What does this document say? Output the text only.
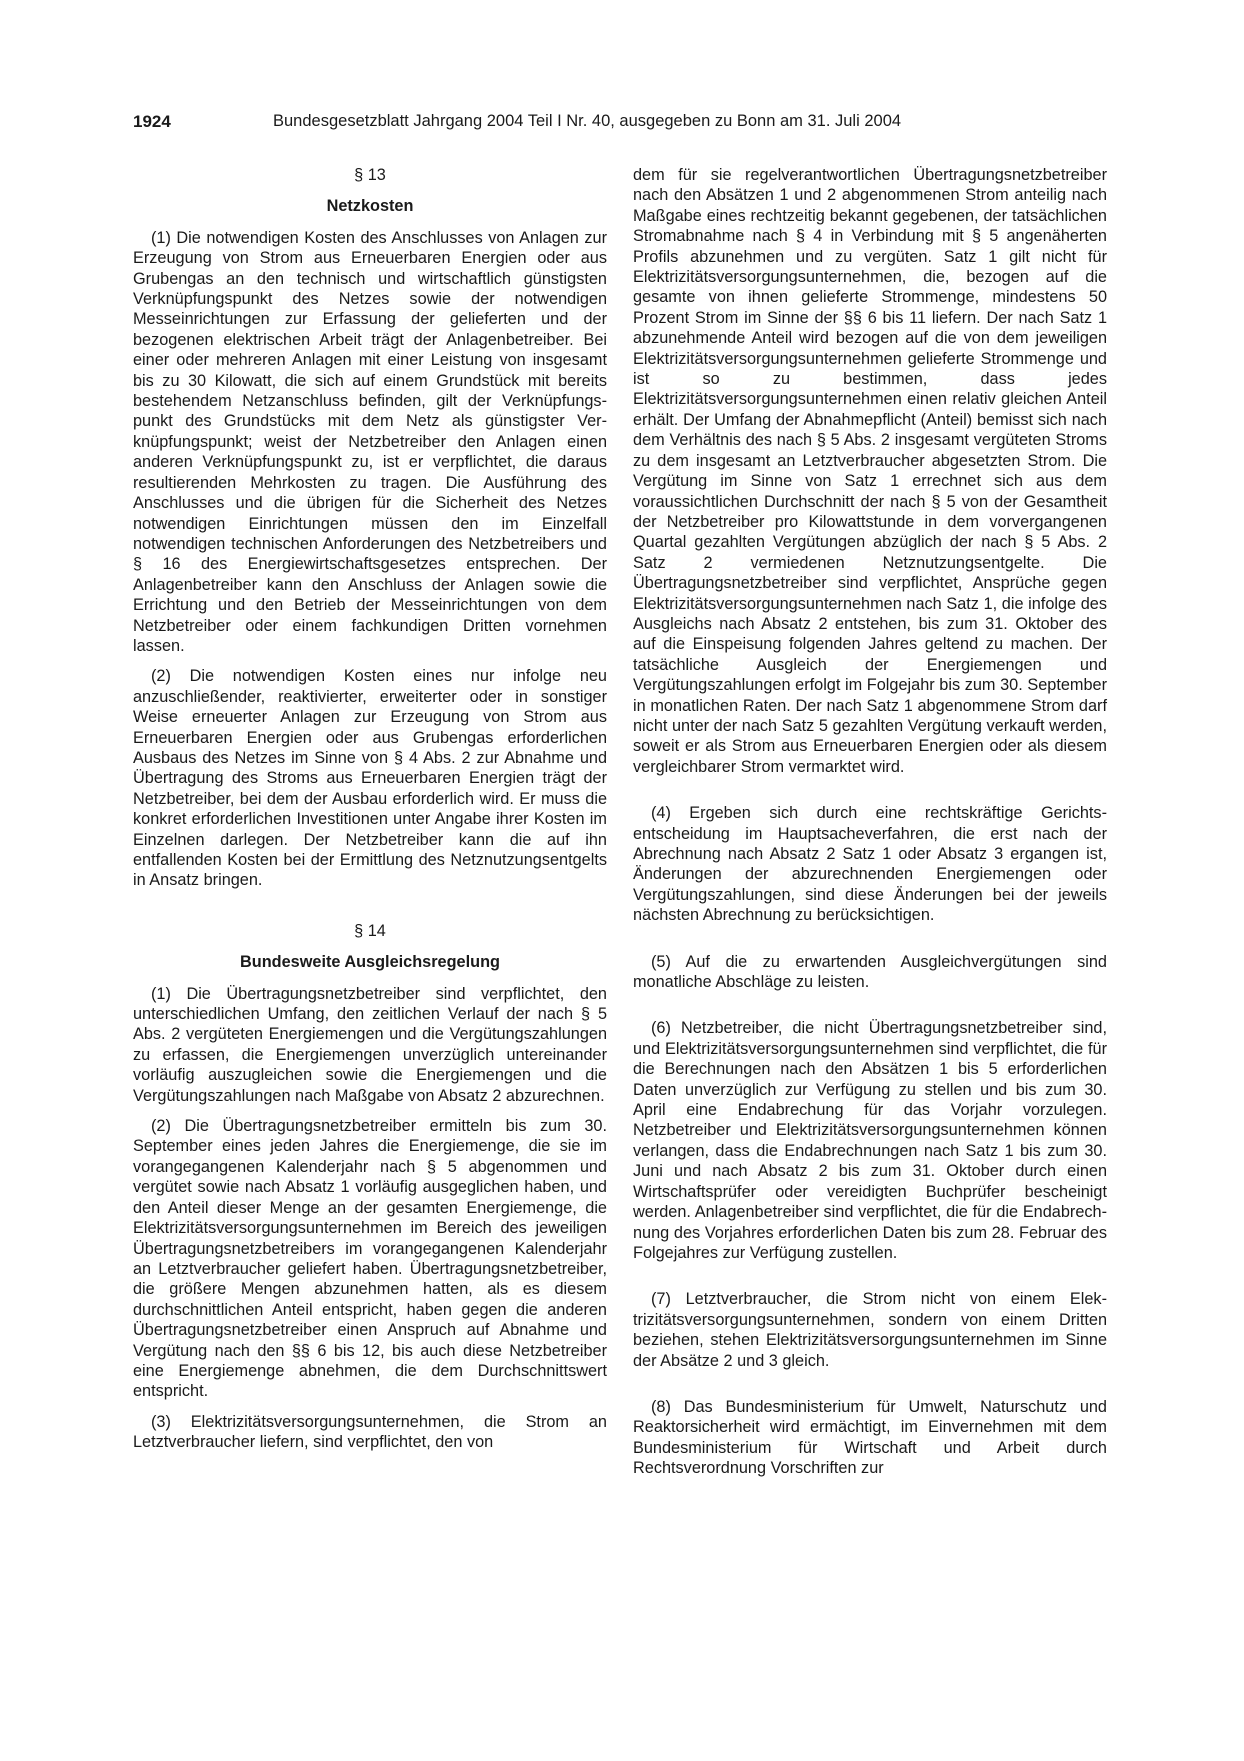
1924	Bundesgesetzblatt Jahrgang 2004 Teil I Nr. 40, ausgegeben zu Bonn am 31. Juli 2004
§ 13
Netzkosten

(1) Die notwendigen Kosten des Anschlusses von Anlagen zur Erzeugung von Strom aus Erneuerbaren Energien oder aus Grubengas an den technisch und wirtschaftlich günstigsten Verknüpfungspunkt des Netzes sowie der notwendigen Messeinrichtungen zur Erfassung der gelieferten und der bezogenen elektrischen Arbeit trägt der Anlagenbetreiber. Bei einer oder mehreren Anlagen mit einer Leistung von insgesamt bis zu 30 Kilowatt, die sich auf einem Grundstück mit bereits bestehendem Netzanschluss befinden, gilt der Verknüpfungspunkt des Grundstücks mit dem Netz als günstigster Verknüpfungspunkt; weist der Netzbetreiber den Anlagen einen anderen Verknüpfungspunkt zu, ist er verpflichtet, die daraus resultierenden Mehrkosten zu tragen. Die Ausführung des Anschlusses und die übrigen für die Sicherheit des Netzes notwendigen Einrichtungen müssen den im Einzelfall notwendigen technischen Anforderungen des Netzbetreibers und § 16 des Energiewirtschaftsgesetzes entsprechen. Der Anlagenbetreiber kann den Anschluss der Anlagen sowie die Errichtung und den Betrieb der Messeinrichtungen von dem Netzbetreiber oder einem fachkundigen Dritten vornehmen lassen.

(2) Die notwendigen Kosten eines nur infolge neu anzuschließender, reaktivierter, erweiterter oder in sonstiger Weise erneuerter Anlagen zur Erzeugung von Strom aus Erneuerbaren Energien oder aus Grubengas erforderlichen Ausbaus des Netzes im Sinne von § 4 Abs. 2 zur Abnahme und Übertragung des Stroms aus Erneuerbaren Energien trägt der Netzbetreiber, bei dem der Ausbau erforderlich wird. Er muss die konkret erforderlichen Investitionen unter Angabe ihrer Kosten im Einzelnen darlegen. Der Netzbetreiber kann die auf ihn entfallenden Kosten bei der Ermittlung des Netznutzungsentgelts in Ansatz bringen.

§ 14
Bundesweite Ausgleichsregelung

(1) Die Übertragungsnetzbetreiber sind verpflichtet, den unterschiedlichen Umfang, den zeitlichen Verlauf der nach § 5 Abs. 2 vergüteten Energiemengen und die Vergütungszahlungen zu erfassen, die Energiemengen unverzüglich untereinander vorläufig auszugleichen sowie die Energiemengen und die Vergütungszahlungen nach Maßgabe von Absatz 2 abzurechnen.

(2) Die Übertragungsnetzbetreiber ermitteln bis zum 30. September eines jeden Jahres die Energiemenge, die sie im vorangegangenen Kalenderjahr nach § 5 abgenommen und vergütet sowie nach Absatz 1 vorläufig ausgeglichen haben, und den Anteil dieser Menge an der gesamten Energiemenge, die Elektrizitätsversorgungsunternehmen im Bereich des jeweiligen Übertragungsnetzbetreibers im vorangegangenen Kalenderjahr an Letztverbraucher geliefert haben. Übertragungsnetzbetreiber, die größere Mengen abzunehmen hatten, als es diesem durchschnittlichen Anteil entspricht, haben gegen die anderen Übertragungsnetzbetreiber einen Anspruch auf Abnahme und Vergütung nach den §§ 6 bis 12, bis auch diese Netzbetreiber eine Energiemenge abnehmen, die dem Durchschnittswert entspricht.

(3) Elektrizitätsversorgungsunternehmen, die Strom an Letztverbraucher liefern, sind verpflichtet, den von

dem für sie regelverantwortlichen Übertragungsnetzbetreiber nach den Absätzen 1 und 2 abgenommenen Strom anteilig nach Maßgabe eines rechtzeitig bekannt gegebenen, der tatsächlichen Stromabnahme nach § 4 in Verbindung mit § 5 angenäherten Profils abzunehmen und zu vergüten. Satz 1 gilt nicht für Elektrizitätsversorgungsunternehmen, die, bezogen auf die gesamte von ihnen gelieferte Strommenge, mindestens 50 Prozent Strom im Sinne der §§ 6 bis 11 liefern. Der nach Satz 1 abzunehmende Anteil wird bezogen auf die von dem jeweiligen Elektrizitätsversorgungsunternehmen gelieferte Strommenge und ist so zu bestimmen, dass jedes Elektrizitätsversorgungsunternehmen einen relativ gleichen Anteil erhält. Der Umfang der Abnahmepflicht (Anteil) bemisst sich nach dem Verhältnis des nach § 5 Abs. 2 insgesamt vergüteten Stroms zu dem insgesamt an Letztverbraucher abgesetzten Strom. Die Vergütung im Sinne von Satz 1 errechnet sich aus dem voraussichtlichen Durchschnitt der nach § 5 von der Gesamtheit der Netzbetreiber pro Kilowattstunde in dem vorvergangenen Quartal gezahlten Vergütungen abzüglich der nach § 5 Abs. 2 Satz 2 vermiedenen Netznutzungsentgelte. Die Übertragungsnetzbetreiber sind verpflichtet, Ansprüche gegen Elektrizitätsversorgungsunternehmen nach Satz 1, die infolge des Ausgleichs nach Absatz 2 entstehen, bis zum 31. Oktober des auf die Einspeisung folgenden Jahres geltend zu machen. Der tatsächliche Ausgleich der Energiemengen und Vergütungszahlungen erfolgt im Folgejahr bis zum 30. September in monatlichen Raten. Der nach Satz 1 abgenommene Strom darf nicht unter der nach Satz 5 gezahlten Vergütung verkauft werden, soweit er als Strom aus Erneuerbaren Energien oder als diesem vergleichbarer Strom vermarktet wird.

(4) Ergeben sich durch eine rechtskräftige Gerichtsentscheidung im Hauptsacheverfahren, die erst nach der Abrechnung nach Absatz 2 Satz 1 oder Absatz 3 ergangen ist, Änderungen der abzurechnenden Energiemengen oder Vergütungszahlungen, sind diese Änderungen bei der jeweils nächsten Abrechnung zu berücksichtigen.

(5) Auf die zu erwartenden Ausgleichvergütungen sind monatliche Abschläge zu leisten.

(6) Netzbetreiber, die nicht Übertragungsnetzbetreiber sind, und Elektrizitätsversorgungsunternehmen sind verpflichtet, die für die Berechnungen nach den Absätzen 1 bis 5 erforderlichen Daten unverzüglich zur Verfügung zu stellen und bis zum 30. April eine Endabrechung für das Vorjahr vorzulegen. Netzbetreiber und Elektrizitätsversorgungsunternehmen können verlangen, dass die Endabrechnungen nach Satz 1 bis zum 30. Juni und nach Absatz 2 bis zum 31. Oktober durch einen Wirtschaftsprüfer oder vereidigten Buchprüfer bescheinigt werden. Anlagenbetreiber sind verpflichtet, die für die Endabrechnung des Vorjahres erforderlichen Daten bis zum 28. Februar des Folgejahres zur Verfügung zustellen.

(7) Letztverbraucher, die Strom nicht von einem Elektrizitätsversorgungsunternehmen, sondern von einem Dritten beziehen, stehen Elektrizitätsversorgungsunternehmen im Sinne der Absätze 2 und 3 gleich.

(8) Das Bundesministerium für Umwelt, Naturschutz und Reaktorsicherheit wird ermächtigt, im Einvernehmen mit dem Bundesministerium für Wirtschaft und Arbeit durch Rechtsverordnung Vorschriften zur
